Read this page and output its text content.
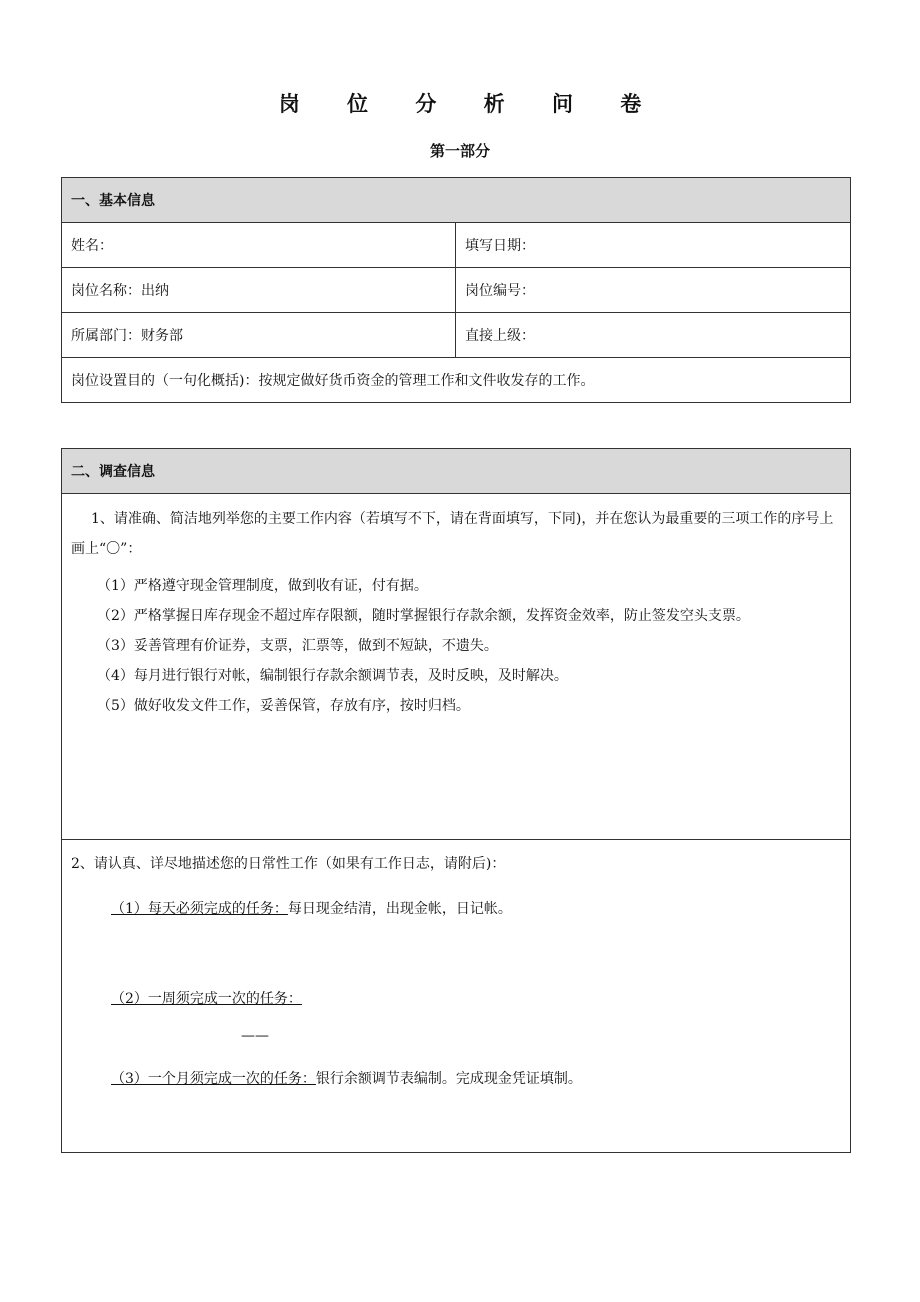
岗 位 分 析 问 卷
第一部分
一、基本信息	
姓名：	填写日期：
岗位名称：出纳	岗位编号：
所属部门：财务部	直接上级：
岗位设置目的（一句化概括)：按规定做好货币资金的管理工作和文件收发存的工作。	
二、调查信息

1、请准确、简洁地列举您的主要工作内容（若填写不下，请在背面填写，下同)，并在您认为最重要的三项工作的序号上画上“〇”：
（1）严格遵守现金管理制度，做到收有证，付有据。
（2）严格掌握日库存现金不超过库存限额，随时掌握银行存款余额，发挥资金效率，防止签发空头支票。
（3）妥善管理有价证券，支票，汇票等，做到不短缺，不遗失。
（4）每月进行银行对帐，编制银行存款余额调节表，及时反映，及时解决。
（5）做好收发文件工作，妥善保管，存放有序，按时归档。

2、请认真、详尽地描述您的日常性工作（如果有工作日志，请附后)：
（1）每天必须完成的任务：每日现金结清，出现金帐，日记帐。
（2）一周须完成一次的任务：
——
（3）一个月须完成一次的任务：银行余额调节表编制。完成现金凭证填制。
